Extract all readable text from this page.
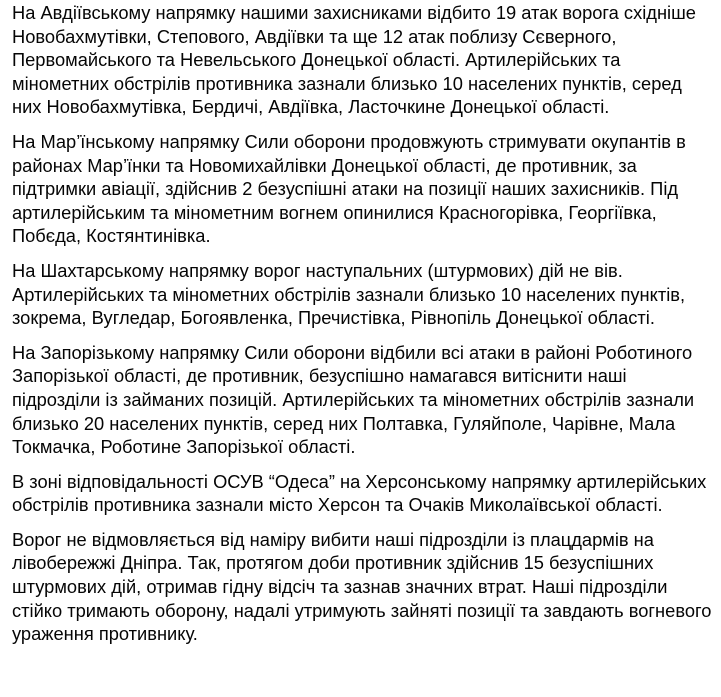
На Авдіївському напрямку нашими захисниками відбито 19 атак ворога східніше Новобахмутівки, Степового, Авдіївки та ще 12 атак поблизу Сєверного, Первомайського та Невельського Донецької області. Артилерійських та мінометних обстрілів противника зазнали близько 10 населених пунктів, серед них Новобахмутівка, Бердичі, Авдіївка, Ласточкине Донецької області.

На Мар’їнському напрямку Сили оборони продовжують стримувати окупантів в районах Мар’їнки та Новомихайлівки Донецької області, де противник, за підтримки авіації, здійснив 2 безуспішні атаки на позиції наших захисників. Під артилерійським та мінометним вогнем опинилися Красногорівка, Георгіївка, Побєда, Костянтинівка.

На Шахтарському напрямку ворог наступальних (штурмових) дій не вів. Артилерійських та мінометних обстрілів зазнали близько 10 населених пунктів, зокрема, Вугледар, Богоявленка, Пречистівка, Рівнопіль Донецької області.

На Запорізькому напрямку Сили оборони відбили всі атаки в районі Роботиного Запорізької області, де противник, безуспішно намагався витіснити наші підрозділи із займаних позицій. Артилерійських та мінометних обстрілів зазнали близько 20 населених пунктів, серед них Полтавка, Гуляйполе, Чарівне, Мала Токмачка, Роботине Запорізької області.

В зоні відповідальності ОСУВ “Одеса” на Херсонському напрямку артилерійських обстрілів противника зазнали місто Херсон та Очаків Миколаївської області.

Ворог не відмовляється від наміру вибити наші підрозділи із плацдармів на лівобережжі Дніпра. Так, протягом доби противник здійснив 15 безуспішних штурмових дій, отримав гідну відсіч та зазнав значних втрат. Наші підрозділи стійко тримають оборону, надалі утримують зайняті позиції та завдають вогневого ураження противнику.
